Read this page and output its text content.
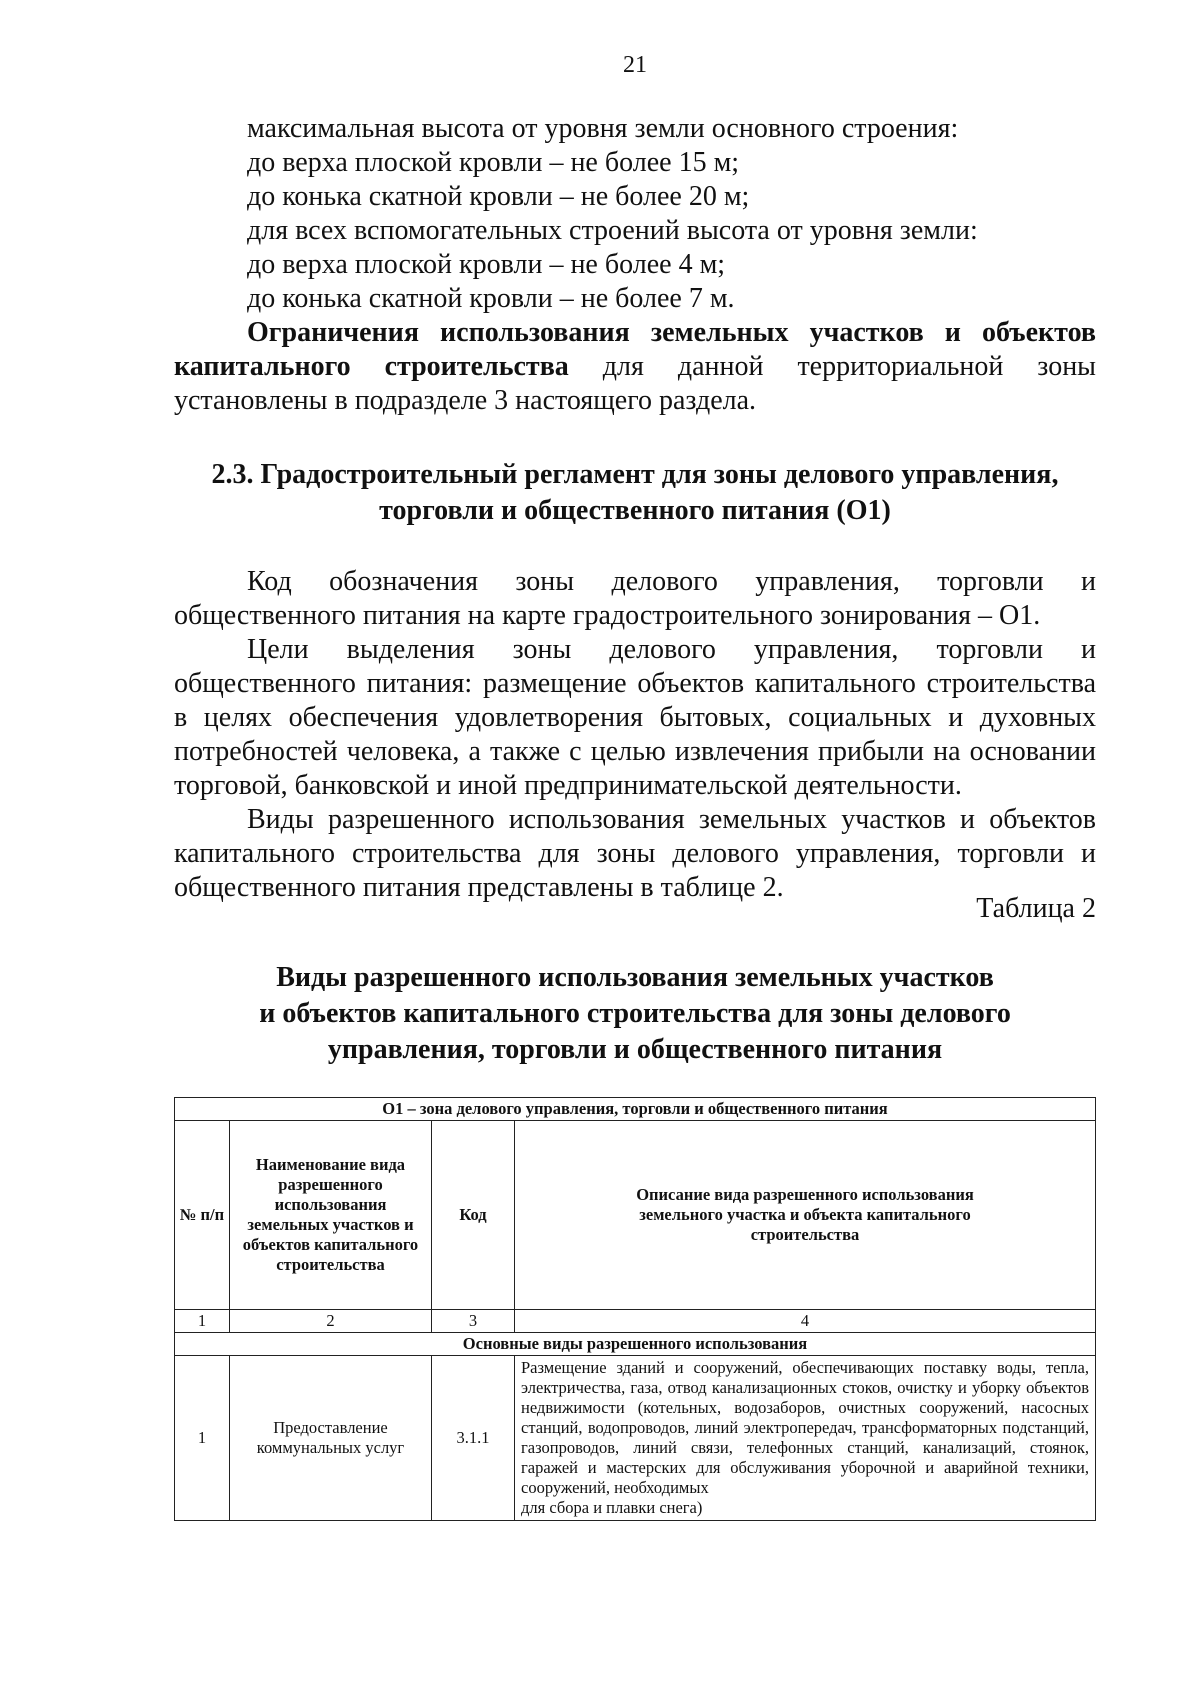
21
максимальная высота от уровня земли основного строения:
до верха плоской кровли – не более 15 м;
до конька скатной кровли – не более 20 м;
для всех вспомогательных строений высота от уровня земли:
до верха плоской кровли – не более 4 м;
до конька скатной кровли – не более 7 м.
Ограничения использования земельных участков и объектов
капитального строительства для данной территориальной зоны
установлены в подразделе 3 настоящего раздела.
2.3. Градостроительный регламент для зоны делового управления,
торговли и общественного питания (О1)
Код обозначения зоны делового управления, торговли и
общественного питания на карте градостроительного зонирования – О1.
Цели выделения зоны делового управления, торговли и
общественного питания: размещение объектов капитального строительства
в целях обеспечения удовлетворения бытовых, социальных и духовных
потребностей человека, а также с целью извлечения прибыли на основании
торговой, банковской и иной предпринимательской деятельности.
Виды разрешенного использования земельных участков и объектов
капитального строительства для зоны делового управления, торговли и
общественного питания представлены в таблице 2.
Таблица 2
Виды разрешенного использования земельных участков
и объектов капитального строительства для зоны делового
управления, торговли и общественного питания
О1 – зона делового управления, торговли и общественного питания			
№ п/п	Наименование вида разрешенного использования земельных участков и объектов капитального строительства	Код	Описание вида разрешенного использования земельного участка и объекта капитального строительства
1	2	3	4
Основные виды разрешенного использования			
1	Предоставление коммунальных услуг	3.1.1	Размещение зданий и сооружений, обеспечивающих поставку воды, тепла, электричества, газа, отвод канализационных стоков, очистку и уборку объектов недвижимости (котельных, водозаборов, очистных сооружений, насосных станций, водопроводов, линий электропередач, трансформаторных подстанций, газопроводов, линий связи, телефонных станций, канализаций, стоянок, гаражей и мастерских для обслуживания уборочной и аварийной техники, сооружений, необходимых
для сбора и плавки снега)
